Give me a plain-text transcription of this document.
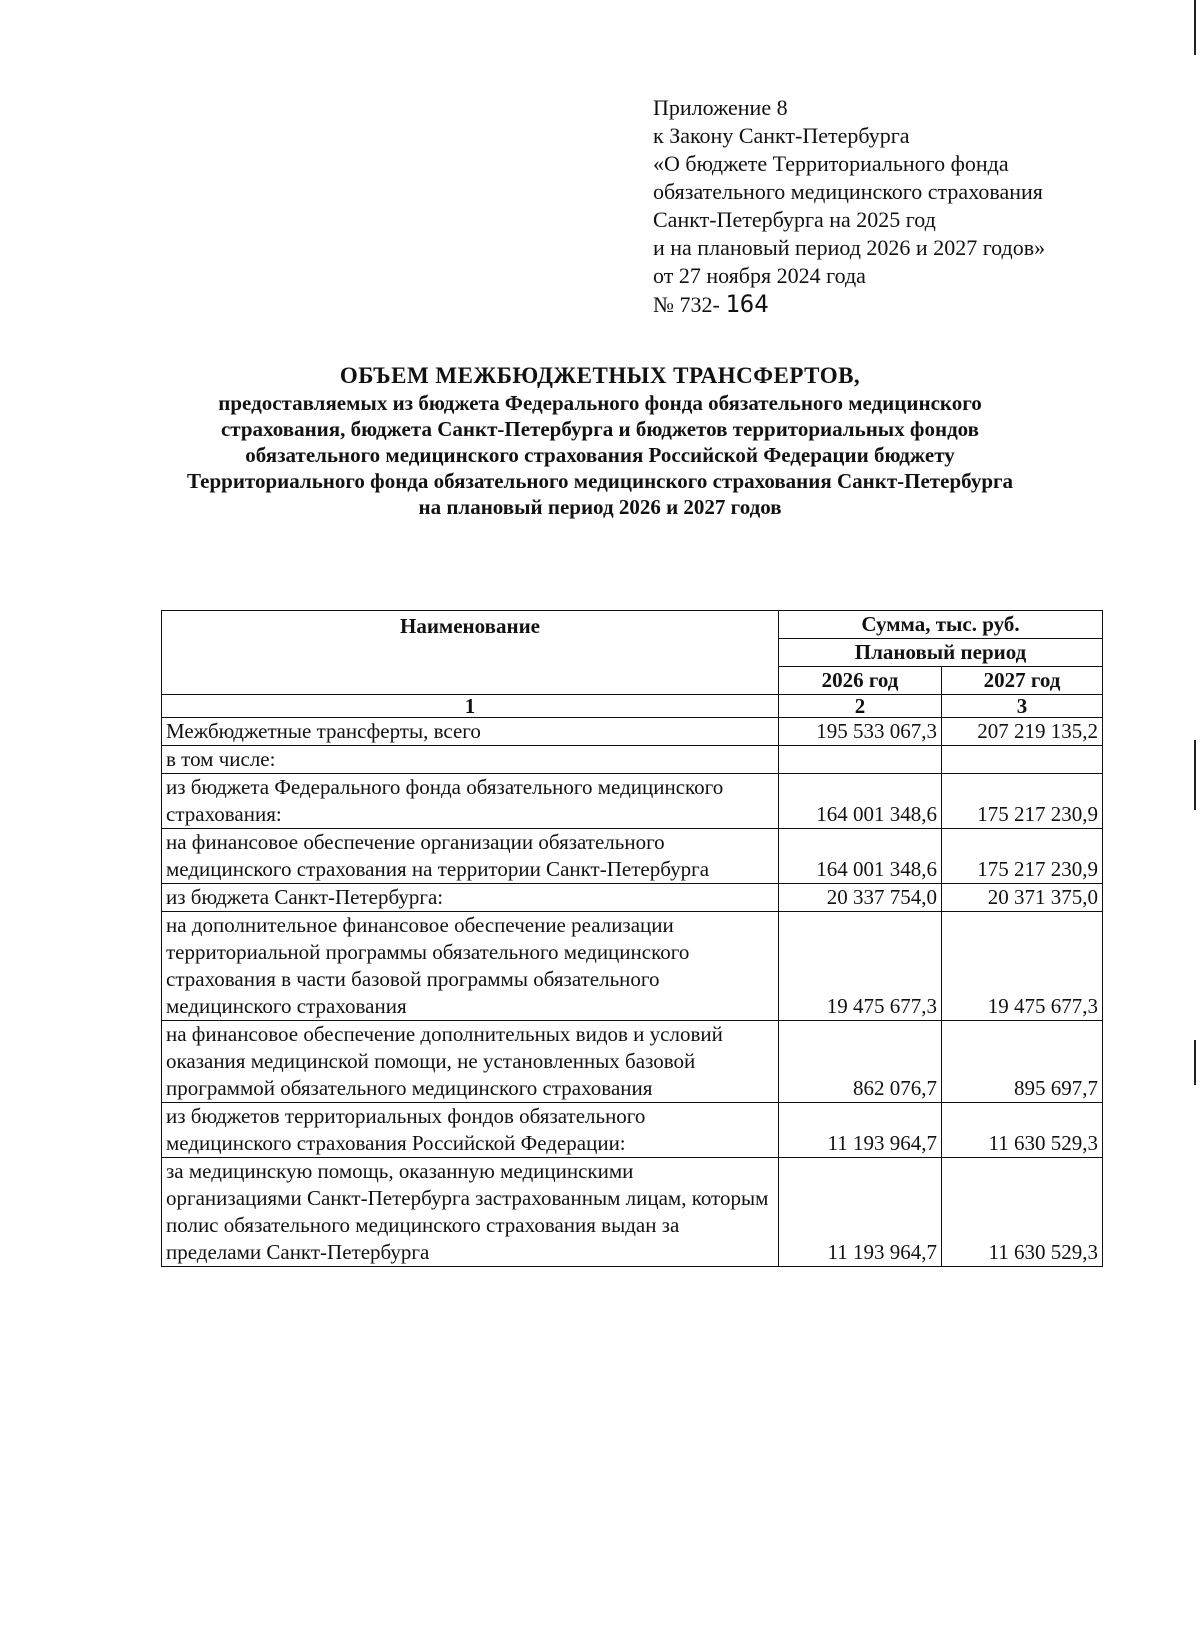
Приложение 8
к Закону Санкт-Петербурга
«О бюджете Территориального фонда
обязательного медицинского страхования
Санкт-Петербурга на 2025 год
и на плановый период 2026 и 2027 годов»
от 27 ноября 2024 года
№ 732- 164
ОБЪЕМ МЕЖБЮДЖЕТНЫХ ТРАНСФЕРТОВ,
предоставляемых из бюджета Федерального фонда обязательного медицинского
страхования, бюджета Санкт-Петербурга и бюджетов территориальных фондов
обязательного медицинского страхования Российской Федерации бюджету
Территориального фонда обязательного медицинского страхования Санкт-Петербурга
на плановый период 2026 и 2027 годов
Наименование	Сумма, тыс. руб.	
	Плановый период	
	2026 год	2027 год
1	2	3
Межбюджетные трансферты, всего	195 533 067,3	207 219 135,2
в том числе:		
из бюджета Федерального фонда обязательного медицинского страхования:	164 001 348,6	175 217 230,9
на финансовое обеспечение организации обязательного медицинского страхования на территории Санкт-Петербурга	164 001 348,6	175 217 230,9
из бюджета Санкт-Петербурга:	20 337 754,0	20 371 375,0
на дополнительное финансовое обеспечение реализации территориальной программы обязательного медицинского страхования в части базовой программы обязательного медицинского страхования	19 475 677,3	19 475 677,3
на финансовое обеспечение дополнительных видов и условий оказания медицинской помощи, не установленных базовой программой обязательного медицинского страхования	862 076,7	895 697,7
из бюджетов территориальных фондов обязательного медицинского страхования Российской Федерации:	11 193 964,7	11 630 529,3
за медицинскую помощь, оказанную медицинскими организациями Санкт-Петербурга застрахованным лицам, которым полис обязательного медицинского страхования выдан за пределами Санкт-Петербурга	11 193 964,7	11 630 529,3
